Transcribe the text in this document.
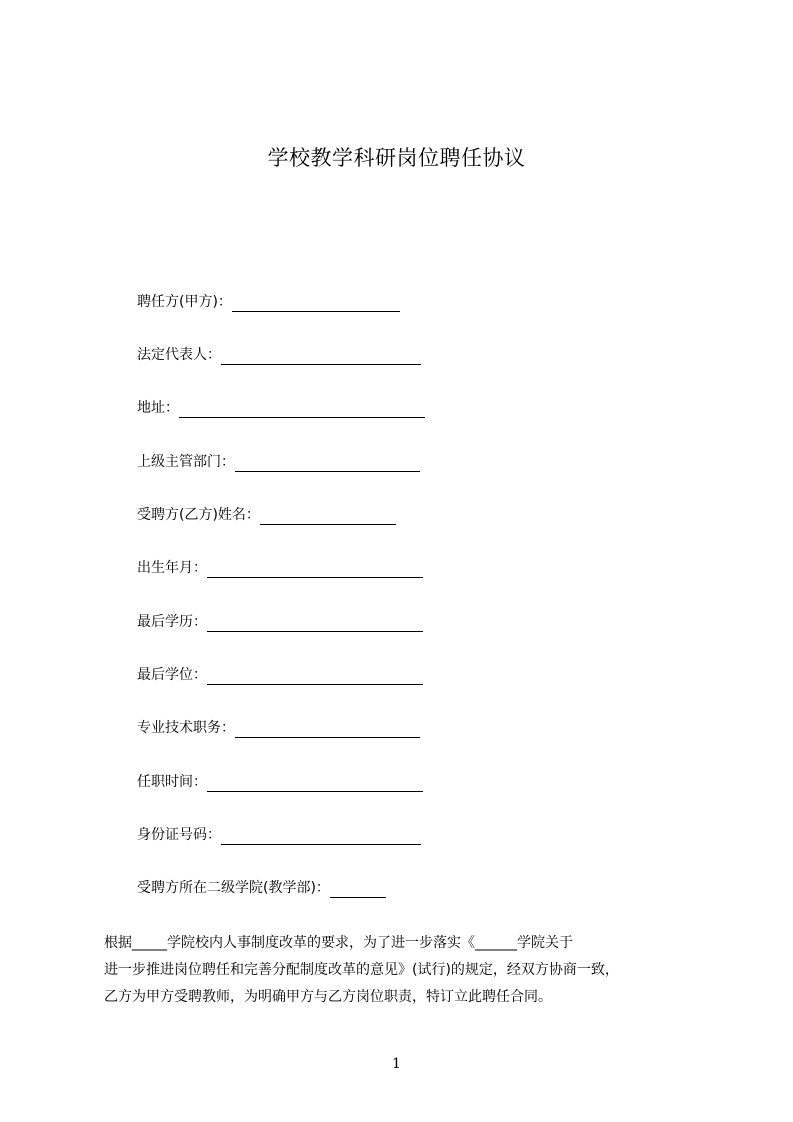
学校教学科研岗位聘任协议
聘任方(甲方)：
法定代表人：
地址：
上级主管部门：
受聘方(乙方)姓名：
出生年月：
最后学历：
最后学位：
专业技术职务：
任职时间：
身份证号码：
受聘方所在二级学院(教学部)：
根据_____学院校内人事制度改革的要求，为了进一步落实《______学院关于
进一步推进岗位聘任和完善分配制度改革的意见》(试行)的规定，经双方协商一致，
乙方为甲方受聘教师，为明确甲方与乙方岗位职责，特订立此聘任合同。
1
